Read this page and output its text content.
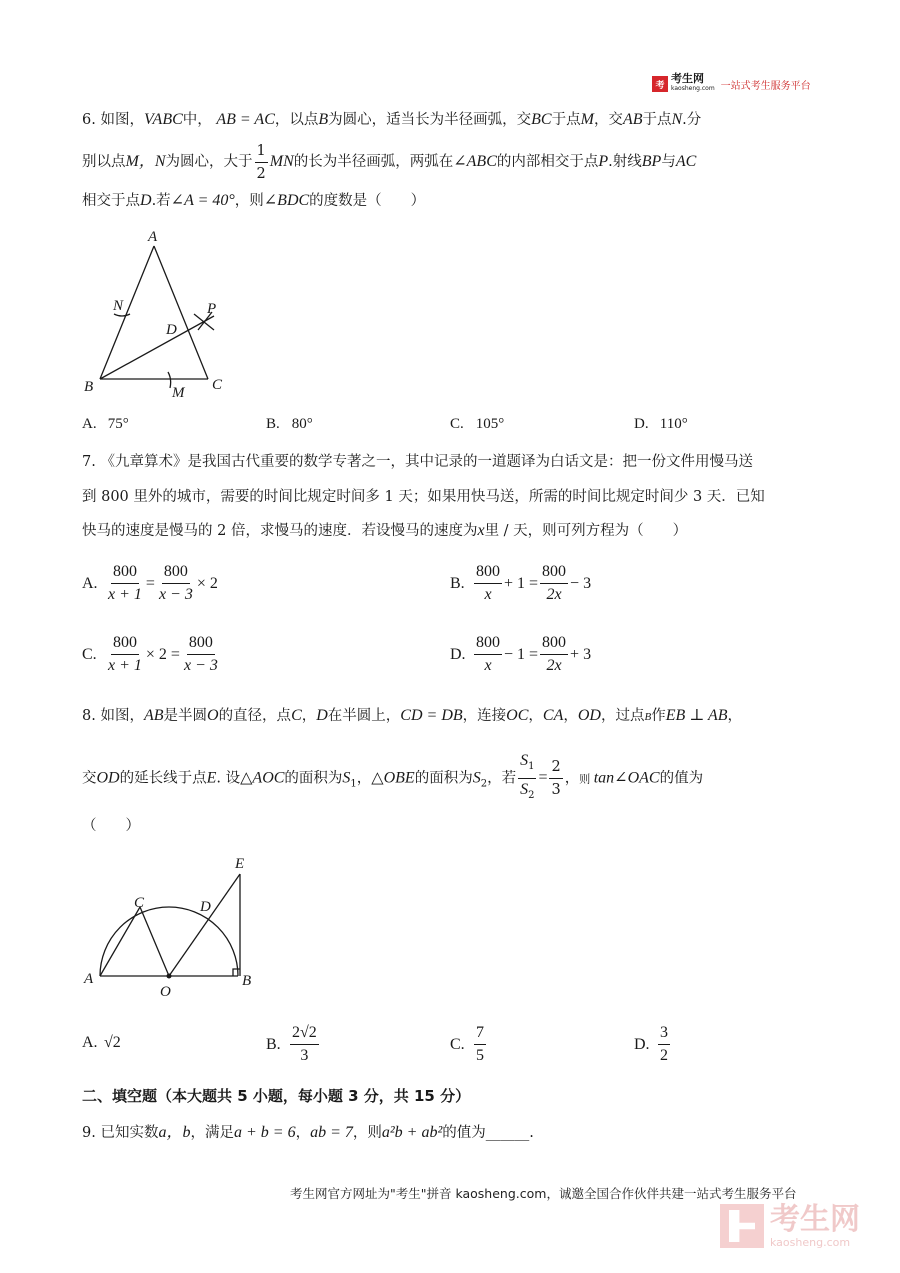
考
考生网
kaosheng.com 一站式考生服务平台
6. 如图，VABC中， AB = AC，以点B为圆心，适当长为半径画弧，交BC于点M，交AB于点N.分
别以点M，N为圆心，大于 $\frac{1}{2}$ MN的长为半径画弧，两弧在∠ABC的内部相交于点P.射线BP与AC
相交于点D.若∠A = 40°，则∠BDC的度数是（　　）
A
N	P
D
B	C
M
A. 75°	B. 80°	C. 105°	D. 110°
7. 《九章算术》是我国古代重要的数学专著之一，其中记录的一道题译为白话文是：把一份文件用慢马送
到 800 里外的城市，需要的时间比规定时间多 1 天；如果用快马送，所需的时间比规定时间少 3 天．已知
快马的速度是慢马的 2 倍，求慢马的速度．若设慢马的速度为x里 / 天，则可列方程为（　　）
A. $\frac{800}{x + 1} = \frac{800}{x - 3} \times 2$	B. $\frac{800}{x} + 1 = \frac{800}{2x} - 3$
C. $\frac{800}{x + 1} \times 2 = \frac{800}{x - 3}$	D. $\frac{800}{x} - 1 = \frac{800}{2x} + 3$
8. 如图，AB是半圆O的直径，点C，D在半圆上，CD = DB，连接OC，CA，OD，过点B作EB ⊥ AB，
交OD的延长线于点E. 设△AOC的面积为$S_1$，△OBE的面积为$S_2$，若 $\frac{S_1}{S_2} = \frac{2}{3}$ ，则 tan∠OAC的值为
（　　）
E
C	D
A
O
B
A. √2	B. $\frac{2√2}{3}$	C. $\frac{7}{5}$	D. $\frac{3}{2}$
二、填空题（本大题共 5 小题，每小题 3 分，共 15 分）
9. 已知实数a，b，满足a + b = 6，ab = 7，则a²b + ab²的值为______.
考生网官方网址为"考生"拼音 kaosheng.com，诚邀全国合作伙伴共建一站式考生服务平台
考生网
kaosheng.com
